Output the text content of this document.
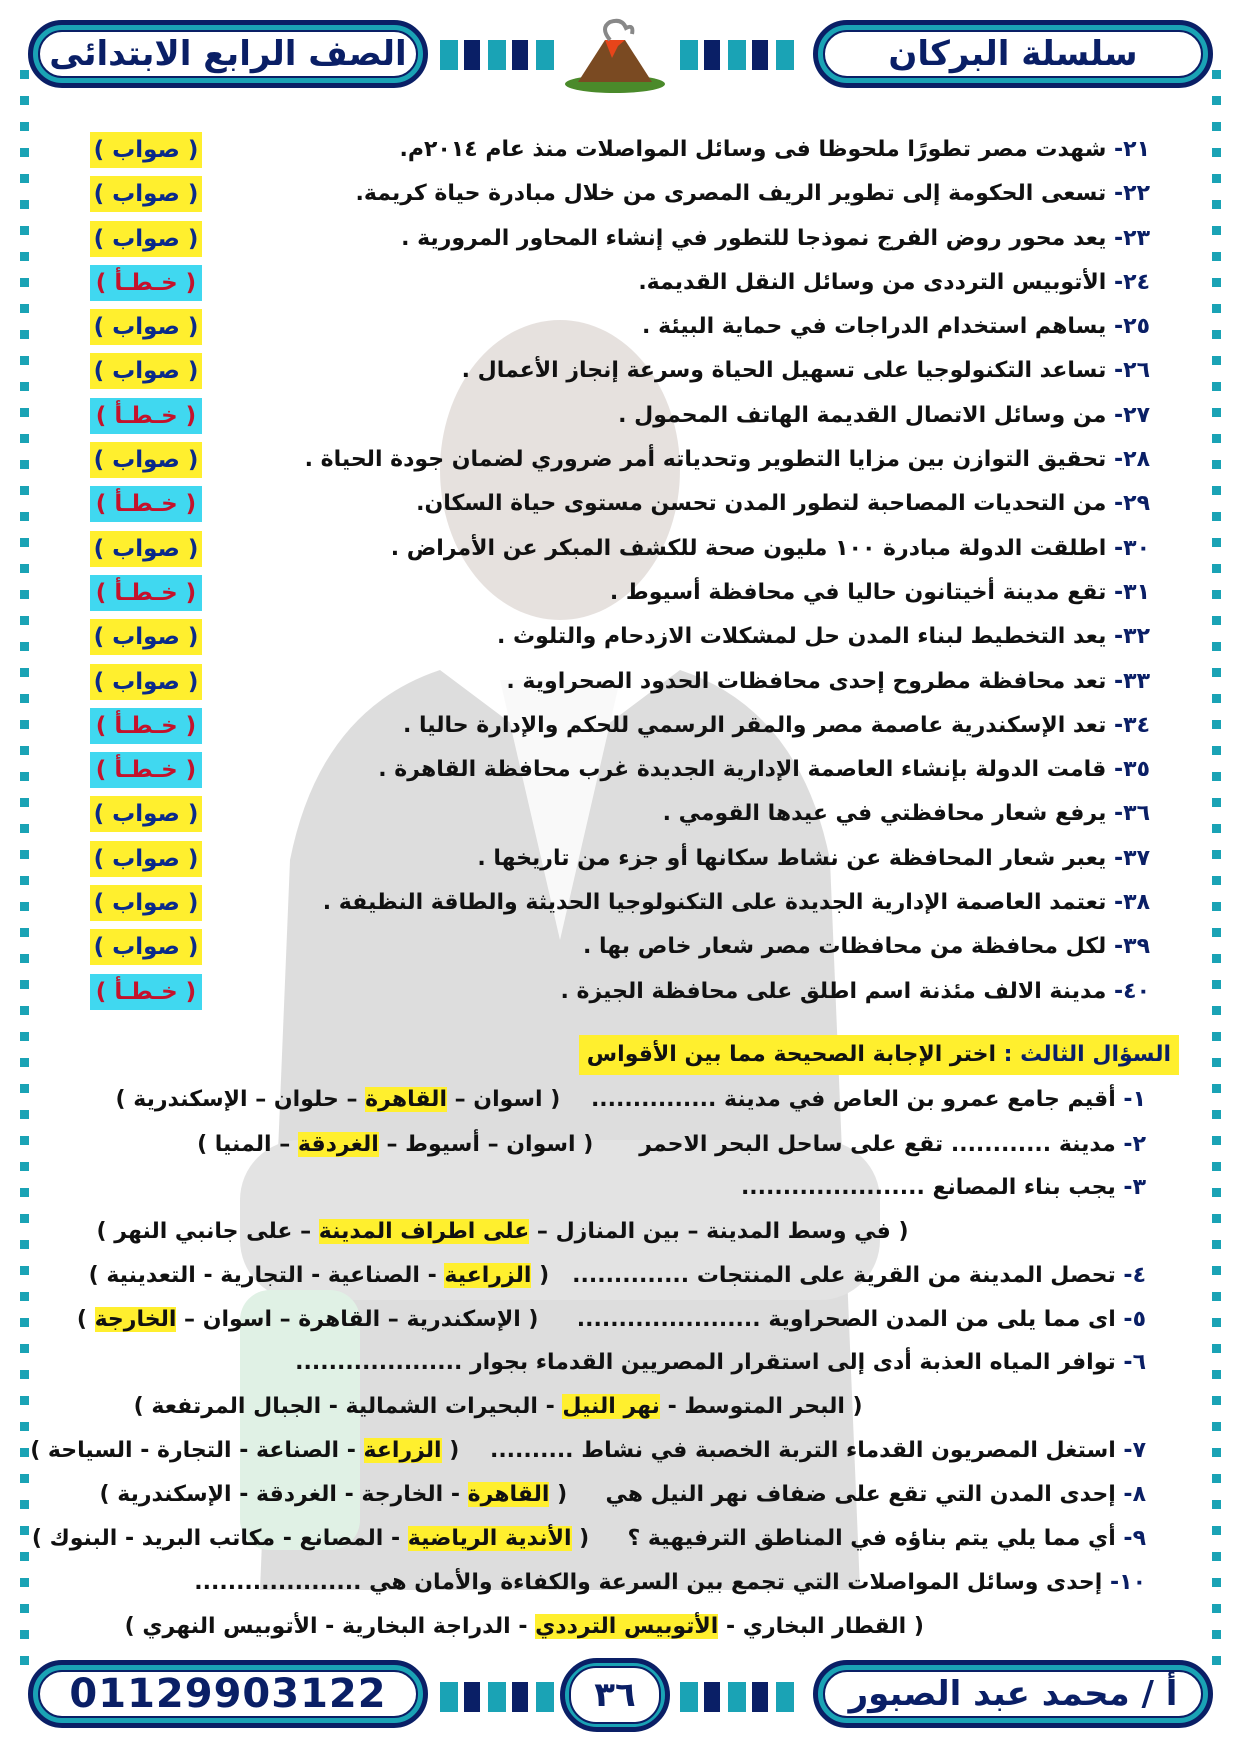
سلسلة البركان
الصف الرابع الابتدائى
٢١- شهدت مصر تطورًا ملحوظا فى وسائل المواصلات منذ عام ٢٠١٤م.
( صواب )
٢٢- تسعى الحكومة إلى تطوير الريف المصرى من خلال مبادرة حياة كريمة.
( صواب )
٢٣- يعد محور روض الفرج نموذجا للتطور في إنشاء المحاور المرورية .
( صواب )
٢٤- الأتوبيس الترددى من وسائل النقل القديمة.
( خـطـأ )
٢٥- يساهم استخدام الدراجات في حماية البيئة .
( صواب )
٢٦- تساعد التكنولوجيا على تسهيل الحياة وسرعة إنجاز الأعمال .
( صواب )
٢٧- من وسائل الاتصال القديمة الهاتف المحمول .
( خـطـأ )
٢٨- تحقيق التوازن بين مزايا التطوير وتحدياته أمر ضروري لضمان جودة الحياة .
( صواب )
٢٩- من التحديات المصاحبة لتطور المدن تحسن مستوى حياة السكان.
( خـطـأ )
٣٠- اطلقت الدولة مبادرة ١٠٠ مليون صحة للكشف المبكر عن الأمراض .
( صواب )
٣١- تقع مدينة أخيتانون حاليا في محافظة أسيوط .
( خـطـأ )
٣٢- يعد التخطيط لبناء المدن حل لمشكلات الازدحام والتلوث .
( صواب )
٣٣- تعد محافظة مطروح إحدى محافظات الحدود الصحراوية .
( صواب )
٣٤- تعد الإسكندرية عاصمة مصر والمقر الرسمي للحكم والإدارة حاليا .
( خـطـأ )
٣٥- قامت الدولة بإنشاء العاصمة الإدارية الجديدة غرب محافظة القاهرة .
( خـطـأ )
٣٦- يرفع شعار محافظتي في عيدها القومي .
( صواب )
٣٧- يعبر شعار المحافظة عن نشاط سكانها أو جزء من تاريخها .
( صواب )
٣٨- تعتمد العاصمة الإدارية الجديدة على التكنولوجيا الحديثة والطاقة النظيفة .
( صواب )
٣٩- لكل محافظة من محافظات مصر شعار خاص بها .
( صواب )
٤٠- مدينة الالف مئذنة اسم اطلق على محافظة الجيزة .
( خـطـأ )
السؤال الثالث : اختر الإجابة الصحيحة مما بين الأقواس
١- أقيم جامع عمرو بن العاص في مدينة ...............    ( اسوان – القاهرة – حلوان – الإسكندرية )
٢- مدينة ............ تقع على ساحل البحر الاحمر      ( اسوان – أسيوط – الغردقة – المنيا )
٣- يجب بناء المصانع ......................
( في وسط المدينة – بين المنازل – على اطراف المدينة – على جانبي النهر )
٤- تحصل المدينة من القرية على المنتجات ..............   ( الزراعية - الصناعية - التجارية - التعدينية )
٥- اى مما يلى من المدن الصحراوية ......................     ( الإسكندرية – القاهرة – اسوان – الخارجة )
٦- توافر المياه العذبة أدى إلى استقرار المصريين القدماء بجوار ....................
( البحر المتوسط - نهر النيل - البحيرات الشمالية - الجبال المرتفعة )
٧- استغل المصريون القدماء التربة الخصبة في نشاط ..........    ( الزراعة - الصناعة - التجارة - السياحة )
٨- إحدى المدن التي تقع على ضفاف نهر النيل هي     ( القاهرة - الخارجة - الغردقة - الإسكندرية )
٩- أي مما يلي يتم بناؤه في المناطق الترفيهية ؟     ( الأندية الرياضية - المصانع - مكاتب البريد - البنوك )
١٠- إحدى وسائل المواصلات التي تجمع بين السرعة والكفاءة والأمان هي ....................
( القطار البخاري - الأتوبيس الترددي - الدراجة البخارية - الأتوبيس النهري )
أ / محمد عبد الصبور
01129903122	٣٦
